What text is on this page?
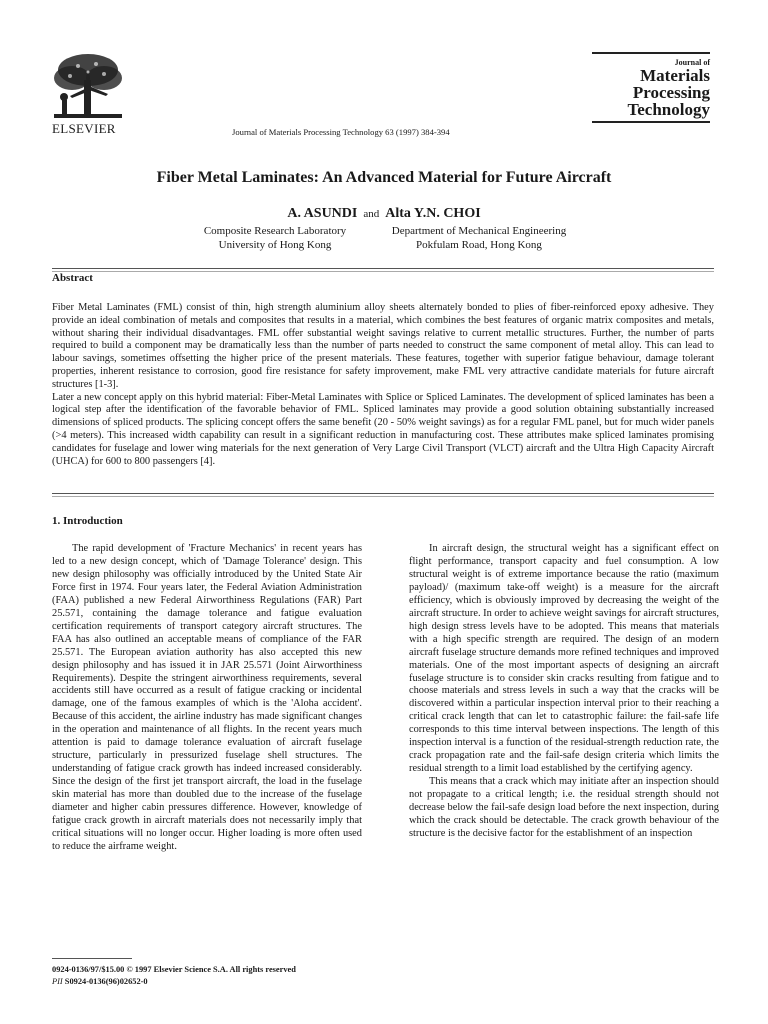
ELSEVIER	Journal of Materials Processing Technology 63 (1997) 384-394
Journal of
Materials
Processing
Technology
Fiber Metal Laminates: An Advanced Material for Future Aircraft
A. ASUNDI and Alta Y.N. CHOI
Composite Research Laboratory
University of Hong Kong
Department of Mechanical Engineering
Pokfulam Road, Hong Kong
Abstract

Fiber Metal Laminates (FML) consist of thin, high strength aluminium alloy sheets alternately bonded to plies of fiber-reinforced epoxy adhesive. They provide an ideal combination of metals and composites that results in a material, which combines the best features of organic matrix composites and metals, without sharing their individual disadvantages. FML offer substantial weight savings relative to current metallic structures. Further, the number of parts required to build a component may be dramatically less than the number of parts needed to construct the same component of metal alloy. This can lead to labour savings, sometimes offsetting the higher price of the present materials. These features, together with superior fatigue behaviour, damage tolerant properties, inherent resistance to corrosion, good fire resistance for safety improvement, make FML very attractive candidate materials for future aircraft structures [1-3].

Later a new concept apply on this hybrid material: Fiber-Metal Laminates with Splice or Spliced Laminates. The development of spliced laminates has been a logical step after the identification of the favorable behavior of FML. Spliced laminates may provide a good solution obtaining substantially increased dimensions of spliced products. The splicing concept offers the same benefit (20 - 50% weight savings) as for a regular FML panel, but for much wider panels (>4 meters). This increased width capability can result in a significant reduction in manufacturing cost. These attributes make spliced laminates promising candidates for fuselage and lower wing materials for the next generation of Very Large Civil Transport (VLCT) aircraft and the Ultra High Capacity Aircraft (UHCA) for 600 to 800 passengers [4].

1. Introduction

The rapid development of 'Fracture Mechanics' in recent years has led to a new design concept, which of 'Damage Tolerance' design. This new design philosophy was officially introduced by the United State Air Force first in 1974. Four years later, the Federal Aviation Administration (FAA) published a new Federal Airworthiness Regulations (FAR) Part 25.571, containing the damage tolerance and fatigue evaluation certification requirements of transport category aircraft structures. The FAA has also outlined an acceptable means of compliance of the FAR 25.571. The European aviation authority has also accepted this new design philosophy and has issued it in JAR 25.571 (Joint Airworthiness Requirements). Despite the stringent airworthiness requirements, several accidents still have occurred as a result of fatigue cracking or incidental damage, one of the famous examples of which is the 'Aloha accident'. Because of this accident, the airline industry has made significant changes in the operation and maintenance of all flights. In the recent years much attention is paid to damage tolerance evaluation of aircraft fuselage structure, particularly in pressurized fuselage shell structures. The understanding of fatigue crack growth has indeed increased considerably. Since the design of the first jet transport aircraft, the load in the fuselage skin material has more than doubled due to the increase of the fuselage diameter and higher cabin pressures difference. However, knowledge of fatigue crack growth in aircraft materials does not necessarily imply that critical situations will no longer occur. Higher loading is more often used to reduce the airframe weight.

In aircraft design, the structural weight has a significant effect on flight performance, transport capacity and fuel consumption. A low structural weight is of extreme importance because the ratio (maximum payload)/ (maximum take-off weight) is a measure for the aircraft efficiency, which is obviously improved by decreasing the weight of the aircraft structure. In order to achieve weight savings for aircraft structures, high design stress levels have to be adopted. This means that materials with a high specific strength are required. The design of an modern aircraft fuselage structure demands more refined techniques and improved materials. One of the most important aspects of designing an aircraft fuselage structure is to consider skin cracks resulting from fatigue and to choose materials and stress levels in such a way that the cracks will be discovered within a particular inspection interval prior to their reaching a critical crack length that can let to catastrophic failure: the fail-safe life corresponds to this time interval between inspections. The length of this inspection interval is a function of the residual-strength reduction rate, the crack propagation rate and the fail-safe design criteria which limits the residual strength to a limit load established by the certifying agency.

This means that a crack which may initiate after an inspection should not propagate to a critical length; i.e. the residual strength should not decrease below the fail-safe design load before the next inspection, during which the crack should be detectable. The crack growth behaviour of the structure is the decisive factor for the establishment of an inspection

0924-0136/97/$15.00 © 1997 Elsevier Science S.A. All rights reserved
PII S0924-0136(96)02652-0
